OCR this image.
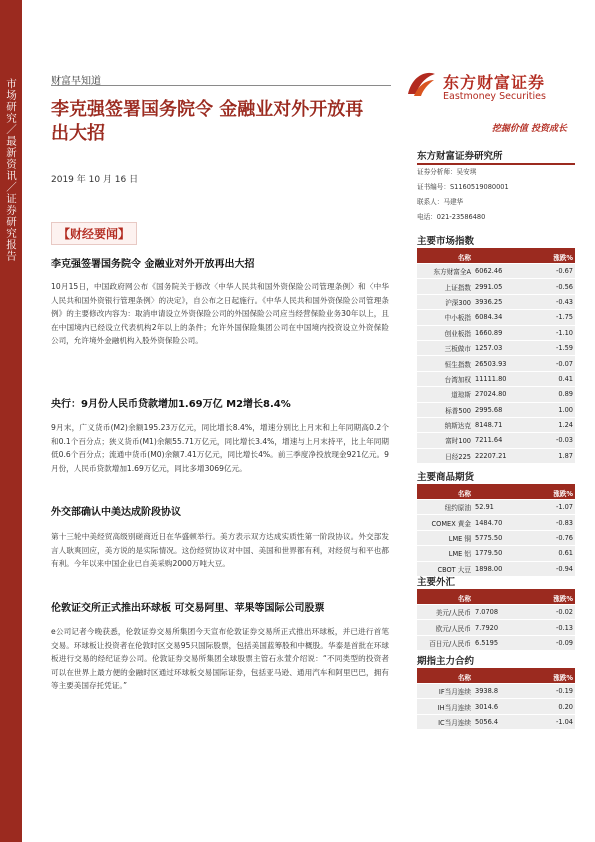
市场研究／最新资讯／证券研究报告	财富早知道
李克强签署国务院令 金融业对外开放再出大招
2019 年 10 月 16 日
东方财富证券
Eastmoney Securities
挖掘价值 投资成长
【财经要闻】
李克强签署国务院令 金融业对外开放再出大招
10月15日，中国政府网公布《国务院关于修改〈中华人民共和国外资保险公司管理条例〉和〈中华人民共和国外资银行管理条例〉的决定》，自公布之日起施行。《中华人民共和国外资保险公司管理条例》的主要修改内容为：取消申请设立外资保险公司的外国保险公司应当经营保险业务30年以上，且在中国境内已经设立代表机构2年以上的条件；允许外国保险集团公司在中国境内投资设立外资保险公司，允许境外金融机构入股外资保险公司。
央行：9月份人民币贷款增加1.69万亿 M2增长8.4%
9月末，广义货币(M2)余额195.23万亿元，同比增长8.4%，增速分别比上月末和上年同期高0.2个和0.1个百分点；狭义货币(M1)余额55.71万亿元，同比增长3.4%，增速与上月末持平，比上年同期低0.6个百分点；流通中货币(M0)余额7.41万亿元，同比增长4%。前三季度净投放现金921亿元。9月份，人民币贷款增加1.69万亿元，同比多增3069亿元。
外交部确认中美达成阶段协议
第十三轮中美经贸高级别磋商近日在华盛顿举行。美方表示双方达成实质性第一阶段协议。外交部发言人耿爽回应，美方说的是实际情况。这份经贸协议对中国、美国和世界都有利，对经贸与和平也都有利。今年以来中国企业已自美采购2000万吨大豆。
伦敦证交所正式推出环球板 可交易阿里、苹果等国际公司股票
e公司记者今晚获悉，伦敦证券交易所集团今天宣布伦敦证券交易所正式推出环球板，并已进行首笔交易。环球板让投资者在伦敦时区交易95只国际股票，包括美国蓝筹股和中概股。华泰是首批在环球板进行交易的经纪证券公司。伦敦证券交易所集团全球股票主管石永萱介绍说：“不同类型的投资者可以在世界上最方便的金融时区通过环球板交易国际证券，包括亚马逊、通用汽车和阿里巴巴，拥有等主要美国存托凭证。”
东方财富证券研究所
证券分析师：吴安琪
证书编号：S1160519080001
联系人：马建华
电话：021-23586480
主要市场指数
名称		涨跌%
东方财富全A	6062.46	-0.67
上证指数	2991.05	-0.56
沪深300	3936.25	-0.43
中小板指	6084.34	-1.75
创业板指	1660.89	-1.10
三板做市	1257.03	-1.59
恒生指数	26503.93	-0.07
台湾加权	11111.80	0.41
道琼斯	27024.80	0.89
标普500	2995.68	1.00
纳斯达克	8148.71	1.24
富时100	7211.64	-0.03
日经225	22207.21	1.87
主要商品期货
名称		涨跌%
纽约原油	52.91	-1.07
COMEX 黄金	1484.70	-0.83
LME 铜	5775.50	-0.76
LME 铝	1779.50	0.61
CBOT 大豆	1898.00	-0.94
主要外汇
名称		涨跌%
美元/人民币	7.0708	-0.02
欧元/人民币	7.7920	-0.13
百日元/人民币	6.5195	-0.09
期指主力合约
名称		涨跌%
IF当月连续	3938.8	-0.19
IH当月连续	3014.6	0.20
IC当月连续	5056.4	-1.04
